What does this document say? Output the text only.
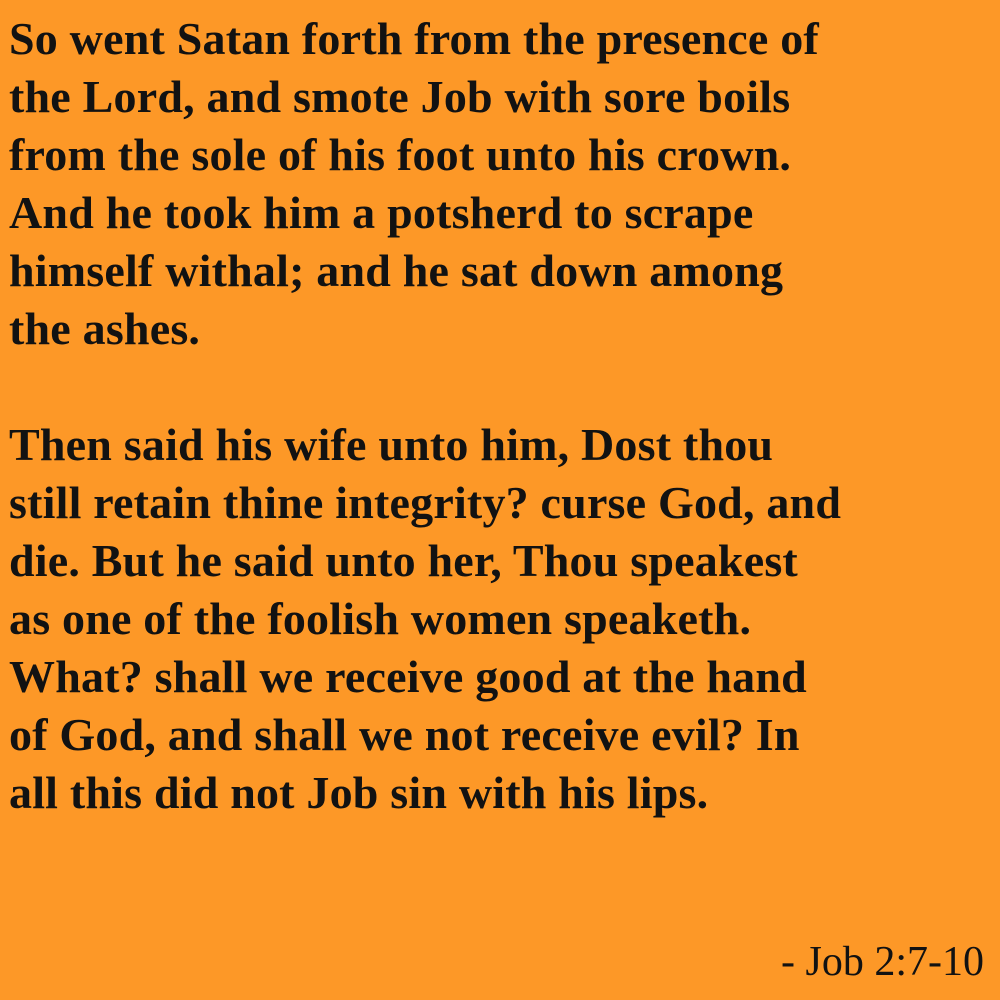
So went Satan forth from the presence of
the Lord, and smote Job with sore boils
from the sole of his foot unto his crown.
And he took him a potsherd to scrape
himself withal; and he sat down among
the ashes.
Then said his wife unto him, Dost thou
still retain thine integrity? curse God, and
die. But he said unto her, Thou speakest
as one of the foolish women speaketh.
What? shall we receive good at the hand
of God, and shall we not receive evil? In
all this did not Job sin with his lips.
- Job 2:7-10
